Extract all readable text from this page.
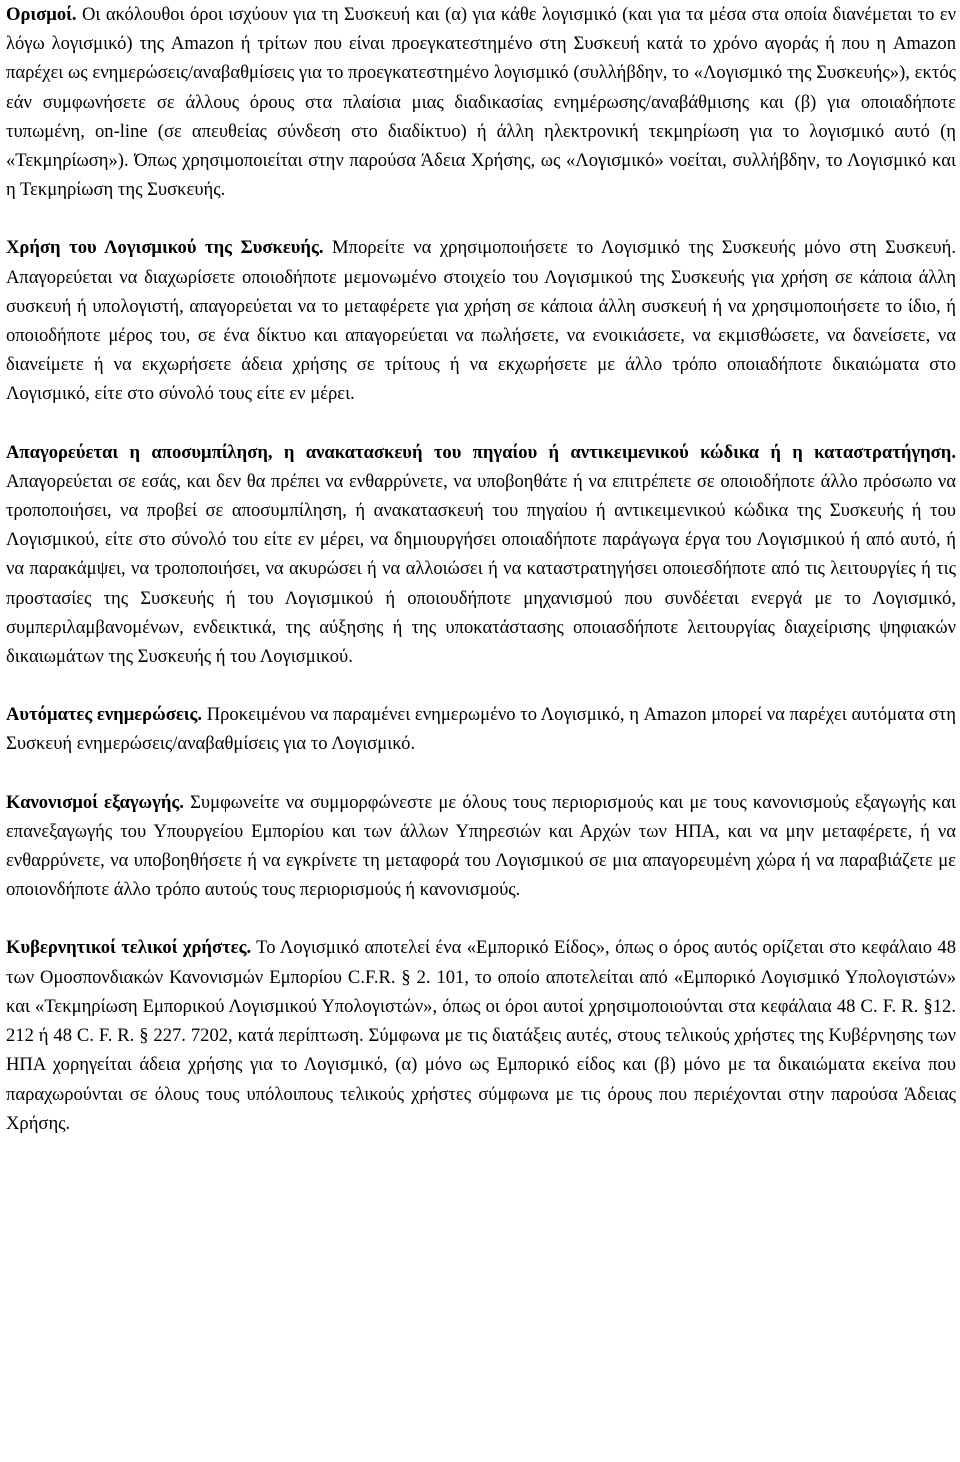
Ορισμοί. Οι ακόλουθοι όροι ισχύουν για τη Συσκευή και (α) για κάθε λογισμικό (και για τα μέσα στα οποία διανέμεται το εν λόγω λογισμικό) της Amazon ή τρίτων που είναι προεγκατεστημένο στη Συσκευή κατά το χρόνο αγοράς ή που η Amazon παρέχει ως ενημερώσεις/αναβαθμίσεις για το προεγκατεστημένο λογισμικό (συλλήβδην, το «Λογισμικό της Συσκευής»), εκτός εάν συμφωνήσετε σε άλλους όρους στα πλαίσια μιας διαδικασίας ενημέρωσης/αναβάθμισης και (β) για οποιαδήποτε τυπωμένη, on-line (σε απευθείας σύνδεση στο διαδίκτυο) ή άλλη ηλεκτρονική τεκμηρίωση για το λογισμικό αυτό (η «Τεκμηρίωση»). Όπως χρησιμοποιείται στην παρούσα Άδεια Χρήσης, ως «Λογισμικό» νοείται, συλλήβδην, το Λογισμικό και η Τεκμηρίωση της Συσκευής.

Χρήση του Λογισμικού της Συσκευής. Μπορείτε να χρησιμοποιήσετε το Λογισμικό της Συσκευής μόνο στη Συσκευή. Απαγορεύεται να διαχωρίσετε οποιοδήποτε μεμονωμένο στοιχείο του Λογισμικού της Συσκευής για χρήση σε κάποια άλλη συσκευή ή υπολογιστή, απαγορεύεται να το μεταφέρετε για χρήση σε κάποια άλλη συσκευή ή να χρησιμοποιήσετε το ίδιο, ή οποιοδήποτε μέρος του, σε ένα δίκτυο και απαγορεύεται να πωλήσετε, να ενοικιάσετε, να εκμισθώσετε, να δανείσετε, να διανείμετε ή να εκχωρήσετε άδεια χρήσης σε τρίτους ή να εκχωρήσετε με άλλο τρόπο οποιαδήποτε δικαιώματα στο Λογισμικό, είτε στο σύνολό τους είτε εν μέρει.

Απαγορεύεται η αποσυμπίληση, η ανακατασκευή του πηγαίου ή αντικειμενικού κώδικα ή η καταστρατήγηση. Απαγορεύεται σε εσάς, και δεν θα πρέπει να ενθαρρύνετε, να υποβοηθάτε ή να επιτρέπετε σε οποιοδήποτε άλλο πρόσωπο να τροποποιήσει, να προβεί σε αποσυμπίληση, ή ανακατασκευή του πηγαίου ή αντικειμενικού κώδικα της Συσκευής ή του Λογισμικού, είτε στο σύνολό του είτε εν μέρει, να δημιουργήσει οποιαδήποτε παράγωγα έργα του Λογισμικού ή από αυτό, ή να παρακάμψει, να τροποποιήσει, να ακυρώσει ή να αλλοιώσει ή να καταστρατηγήσει οποιεσδήποτε από τις λειτουργίες ή τις προστασίες της Συσκευής ή του Λογισμικού ή οποιουδήποτε μηχανισμού που συνδέεται ενεργά με το Λογισμικό, συμπεριλαμβανομένων, ενδεικτικά, της αύξησης ή της υποκατάστασης οποιασδήποτε λειτουργίας διαχείρισης ψηφιακών δικαιωμάτων της Συσκευής ή του Λογισμικού.

Αυτόματες ενημερώσεις. Προκειμένου να παραμένει ενημερωμένο το Λογισμικό, η Amazon μπορεί να παρέχει αυτόματα στη Συσκευή ενημερώσεις/αναβαθμίσεις για το Λογισμικό.

Κανονισμοί εξαγωγής. Συμφωνείτε να συμμορφώνεστε με όλους τους περιορισμούς και με τους κανονισμούς εξαγωγής και επανεξαγωγής του Υπουργείου Εμπορίου και των άλλων Υπηρεσιών και Αρχών των ΗΠΑ, και να μην μεταφέρετε, ή να ενθαρρύνετε, να υποβοηθήσετε ή να εγκρίνετε τη μεταφορά του Λογισμικού σε μια απαγορευμένη χώρα ή να παραβιάζετε με οποιονδήποτε άλλο τρόπο αυτούς τους περιορισμούς ή κανονισμούς.

Κυβερνητικοί τελικοί χρήστες. Το Λογισμικό αποτελεί ένα «Εμπορικό Είδος», όπως ο όρος αυτός ορίζεται στο κεφάλαιο 48 των Ομοσπονδιακών Κανονισμών Εμπορίου C.F.R. § 2. 101, το οποίο αποτελείται από «Εμπορικό Λογισμικό Υπολογιστών» και «Τεκμηρίωση Εμπορικού Λογισμικού Υπολογιστών», όπως οι όροι αυτοί χρησιμοποιούνται στα κεφάλαια 48 C. F. R. §12. 212 ή 48 C. F. R. § 227. 7202, κατά περίπτωση. Σύμφωνα με τις διατάξεις αυτές, στους τελικούς χρήστες της Κυβέρνησης των ΗΠΑ χορηγείται άδεια χρήσης για το Λογισμικό, (α) μόνο ως Εμπορικό είδος και (β) μόνο με τα δικαιώματα εκείνα που παραχωρούνται σε όλους τους υπόλοιπους τελικούς χρήστες σύμφωνα με τις όρους που περιέχονται στην παρούσα Άδειας Χρήσης.
